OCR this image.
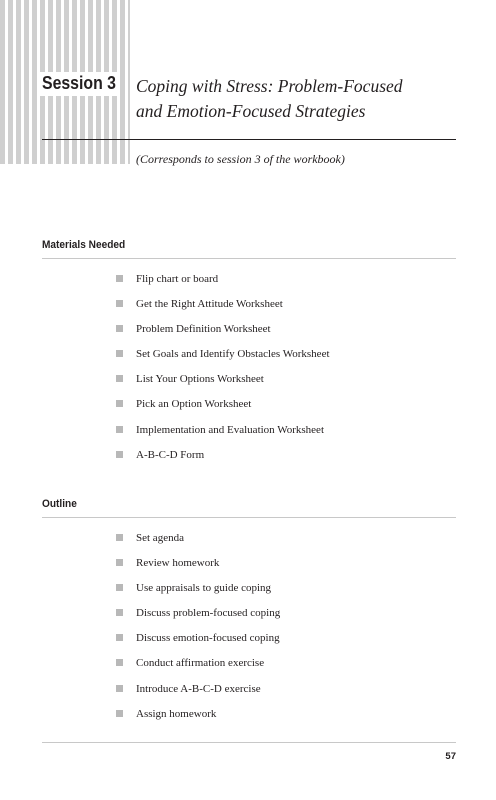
Session 3 Coping with Stress: Problem-Focused
and Emotion-Focused Strategies
(Corresponds to session 3 of the workbook)
Materials Needed
Flip chart or board
Get the Right Attitude Worksheet
Problem Definition Worksheet
Set Goals and Identify Obstacles Worksheet
List Your Options Worksheet
Pick an Option Worksheet
Implementation and Evaluation Worksheet
A-B-C-D Form
Outline
Set agenda
Review homework
Use appraisals to guide coping
Discuss problem-focused coping
Discuss emotion-focused coping
Conduct affirmation exercise
Introduce A-B-C-D exercise
Assign homework
57
